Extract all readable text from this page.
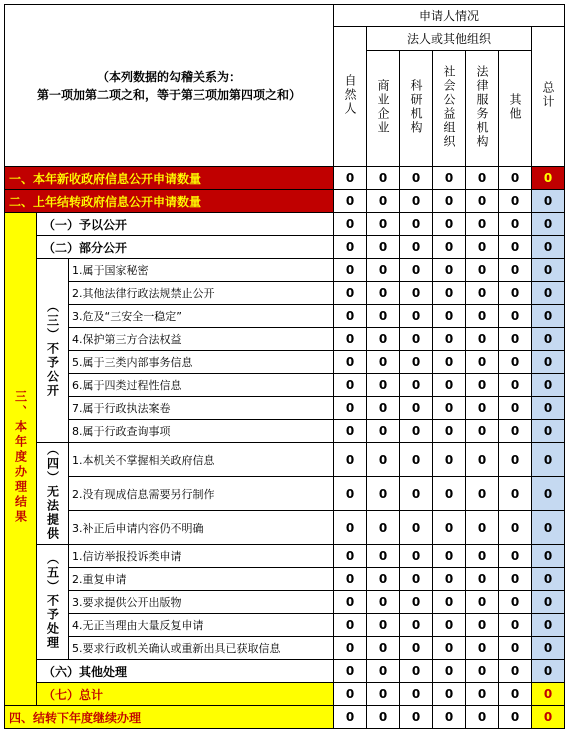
（本列数据的勾稽关系为：
第一项加第二项之和，等于第三项加第四项之和）			申请人情况						
			自然人	法人或其他组织					总计
				商业企业	科研机构	社会公益组织	法律服务机构	其他	
一、本年新收政府信息公开申请数量			0	0	0	0	0	0	0
二、上年结转政府信息公开申请数量			0	0	0	0	0	0	0
三、本年度办理结果	（一）予以公开		0	0	0	0	0	0	0
	（二）部分公开		0	0	0	0	0	0	0
	（三）不予公开	1.属于国家秘密	0	0	0	0	0	0	0
		2.其他法律行政法规禁止公开	0	0	0	0	0	0	0
		3.危及“三安全一稳定”	0	0	0	0	0	0	0
		4.保护第三方合法权益	0	0	0	0	0	0	0
		5.属于三类内部事务信息	0	0	0	0	0	0	0
		6.属于四类过程性信息	0	0	0	0	0	0	0
		7.属于行政执法案卷	0	0	0	0	0	0	0
		8.属于行政查询事项	0	0	0	0	0	0	0
	（四）无法提供	1.本机关不掌握相关政府信息	0	0	0	0	0	0	0
		2.没有现成信息需要另行制作	0	0	0	0	0	0	0
		3.补正后申请内容仍不明确	0	0	0	0	0	0	0
	（五）不予处理	1.信访举报投诉类申请	0	0	0	0	0	0	0
		2.重复申请	0	0	0	0	0	0	0
		3.要求提供公开出版物	0	0	0	0	0	0	0
		4.无正当理由大量反复申请	0	0	0	0	0	0	0
		5.要求行政机关确认或重新出具已获取信息	0	0	0	0	0	0	0
	（六）其他处理		0	0	0	0	0	0	0
	（七）总计		0	0	0	0	0	0	0
四、结转下年度继续办理			0	0	0	0	0	0	0
